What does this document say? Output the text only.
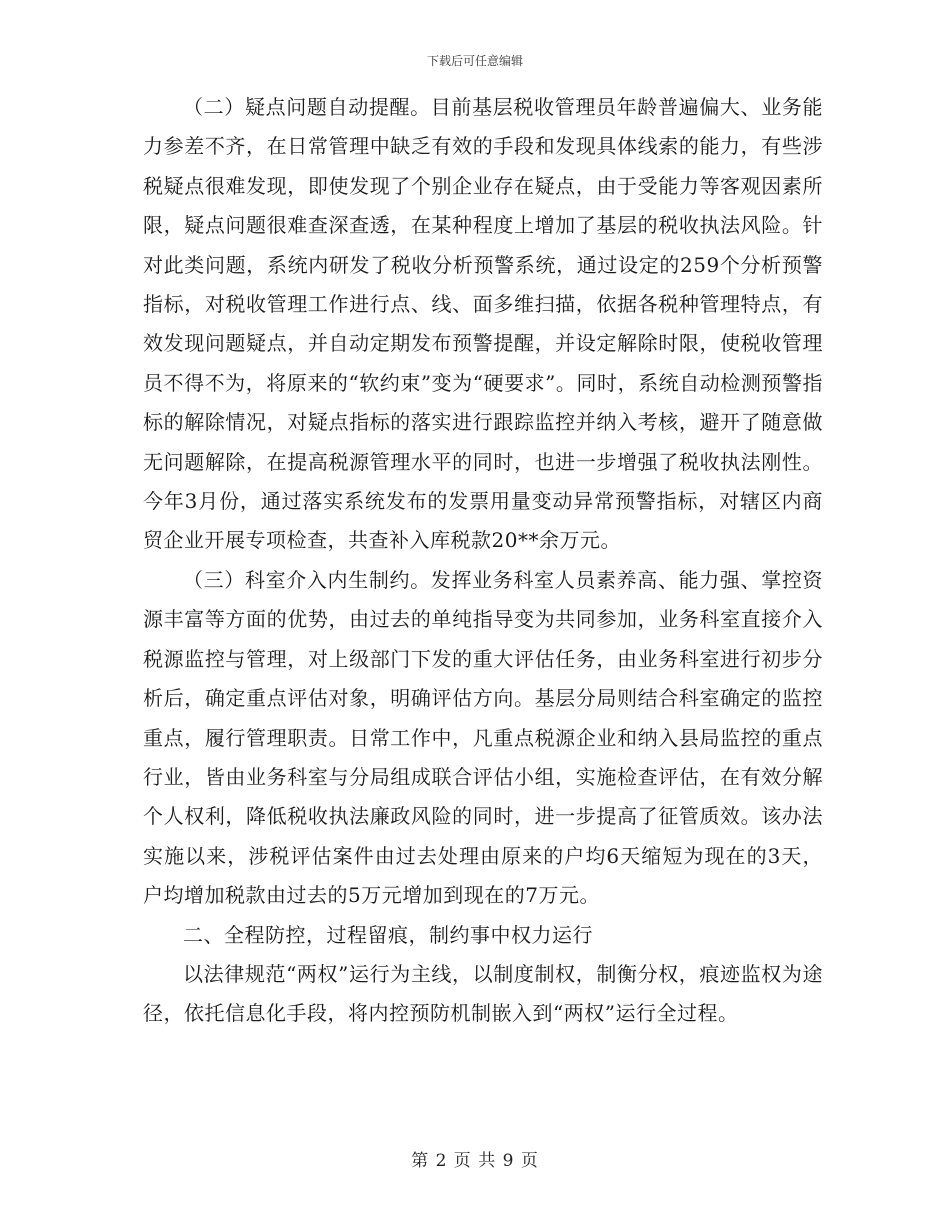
下载后可任意编辑

（二）疑点问题自动提醒。目前基层税收管理员年龄普遍偏大、业务能力参差不齐，在日常管理中缺乏有效的手段和发现具体线索的能力，有些涉税疑点很难发现，即使发现了个别企业存在疑点，由于受能力等客观因素所限，疑点问题很难查深查透，在某种程度上增加了基层的税收执法风险。针对此类问题，系统内研发了税收分析预警系统，通过设定的259个分析预警指标，对税收管理工作进行点、线、面多维扫描，依据各税种管理特点，有效发现问题疑点，并自动定期发布预警提醒，并设定解除时限，使税收管理员不得不为，将原来的“软约束”变为“硬要求”。同时，系统自动检测预警指标的解除情况，对疑点指标的落实进行跟踪监控并纳入考核，避开了随意做无问题解除，在提高税源管理水平的同时，也进一步增强了税收执法刚性。今年3月份，通过落实系统发布的发票用量变动异常预警指标，对辖区内商贸企业开展专项检查，共查补入库税款20**余万元。

（三）科室介入内生制约。发挥业务科室人员素养高、能力强、掌控资源丰富等方面的优势，由过去的单纯指导变为共同参加，业务科室直接介入税源监控与管理，对上级部门下发的重大评估任务，由业务科室进行初步分析后，确定重点评估对象，明确评估方向。基层分局则结合科室确定的监控重点，履行管理职责。日常工作中，凡重点税源企业和纳入县局监控的重点行业，皆由业务科室与分局组成联合评估小组，实施检查评估，在有效分解个人权利，降低税收执法廉政风险的同时，进一步提高了征管质效。该办法实施以来，涉税评估案件由过去处理由原来的户均6天缩短为现在的3天，户均增加税款由过去的5万元增加到现在的7万元。

二、全程防控，过程留痕，制约事中权力运行

以法律规范“两权”运行为主线，以制度制权，制衡分权，痕迹监权为途径，依托信息化手段，将内控预防机制嵌入到“两权”运行全过程。

第 2 页 共 9 页
